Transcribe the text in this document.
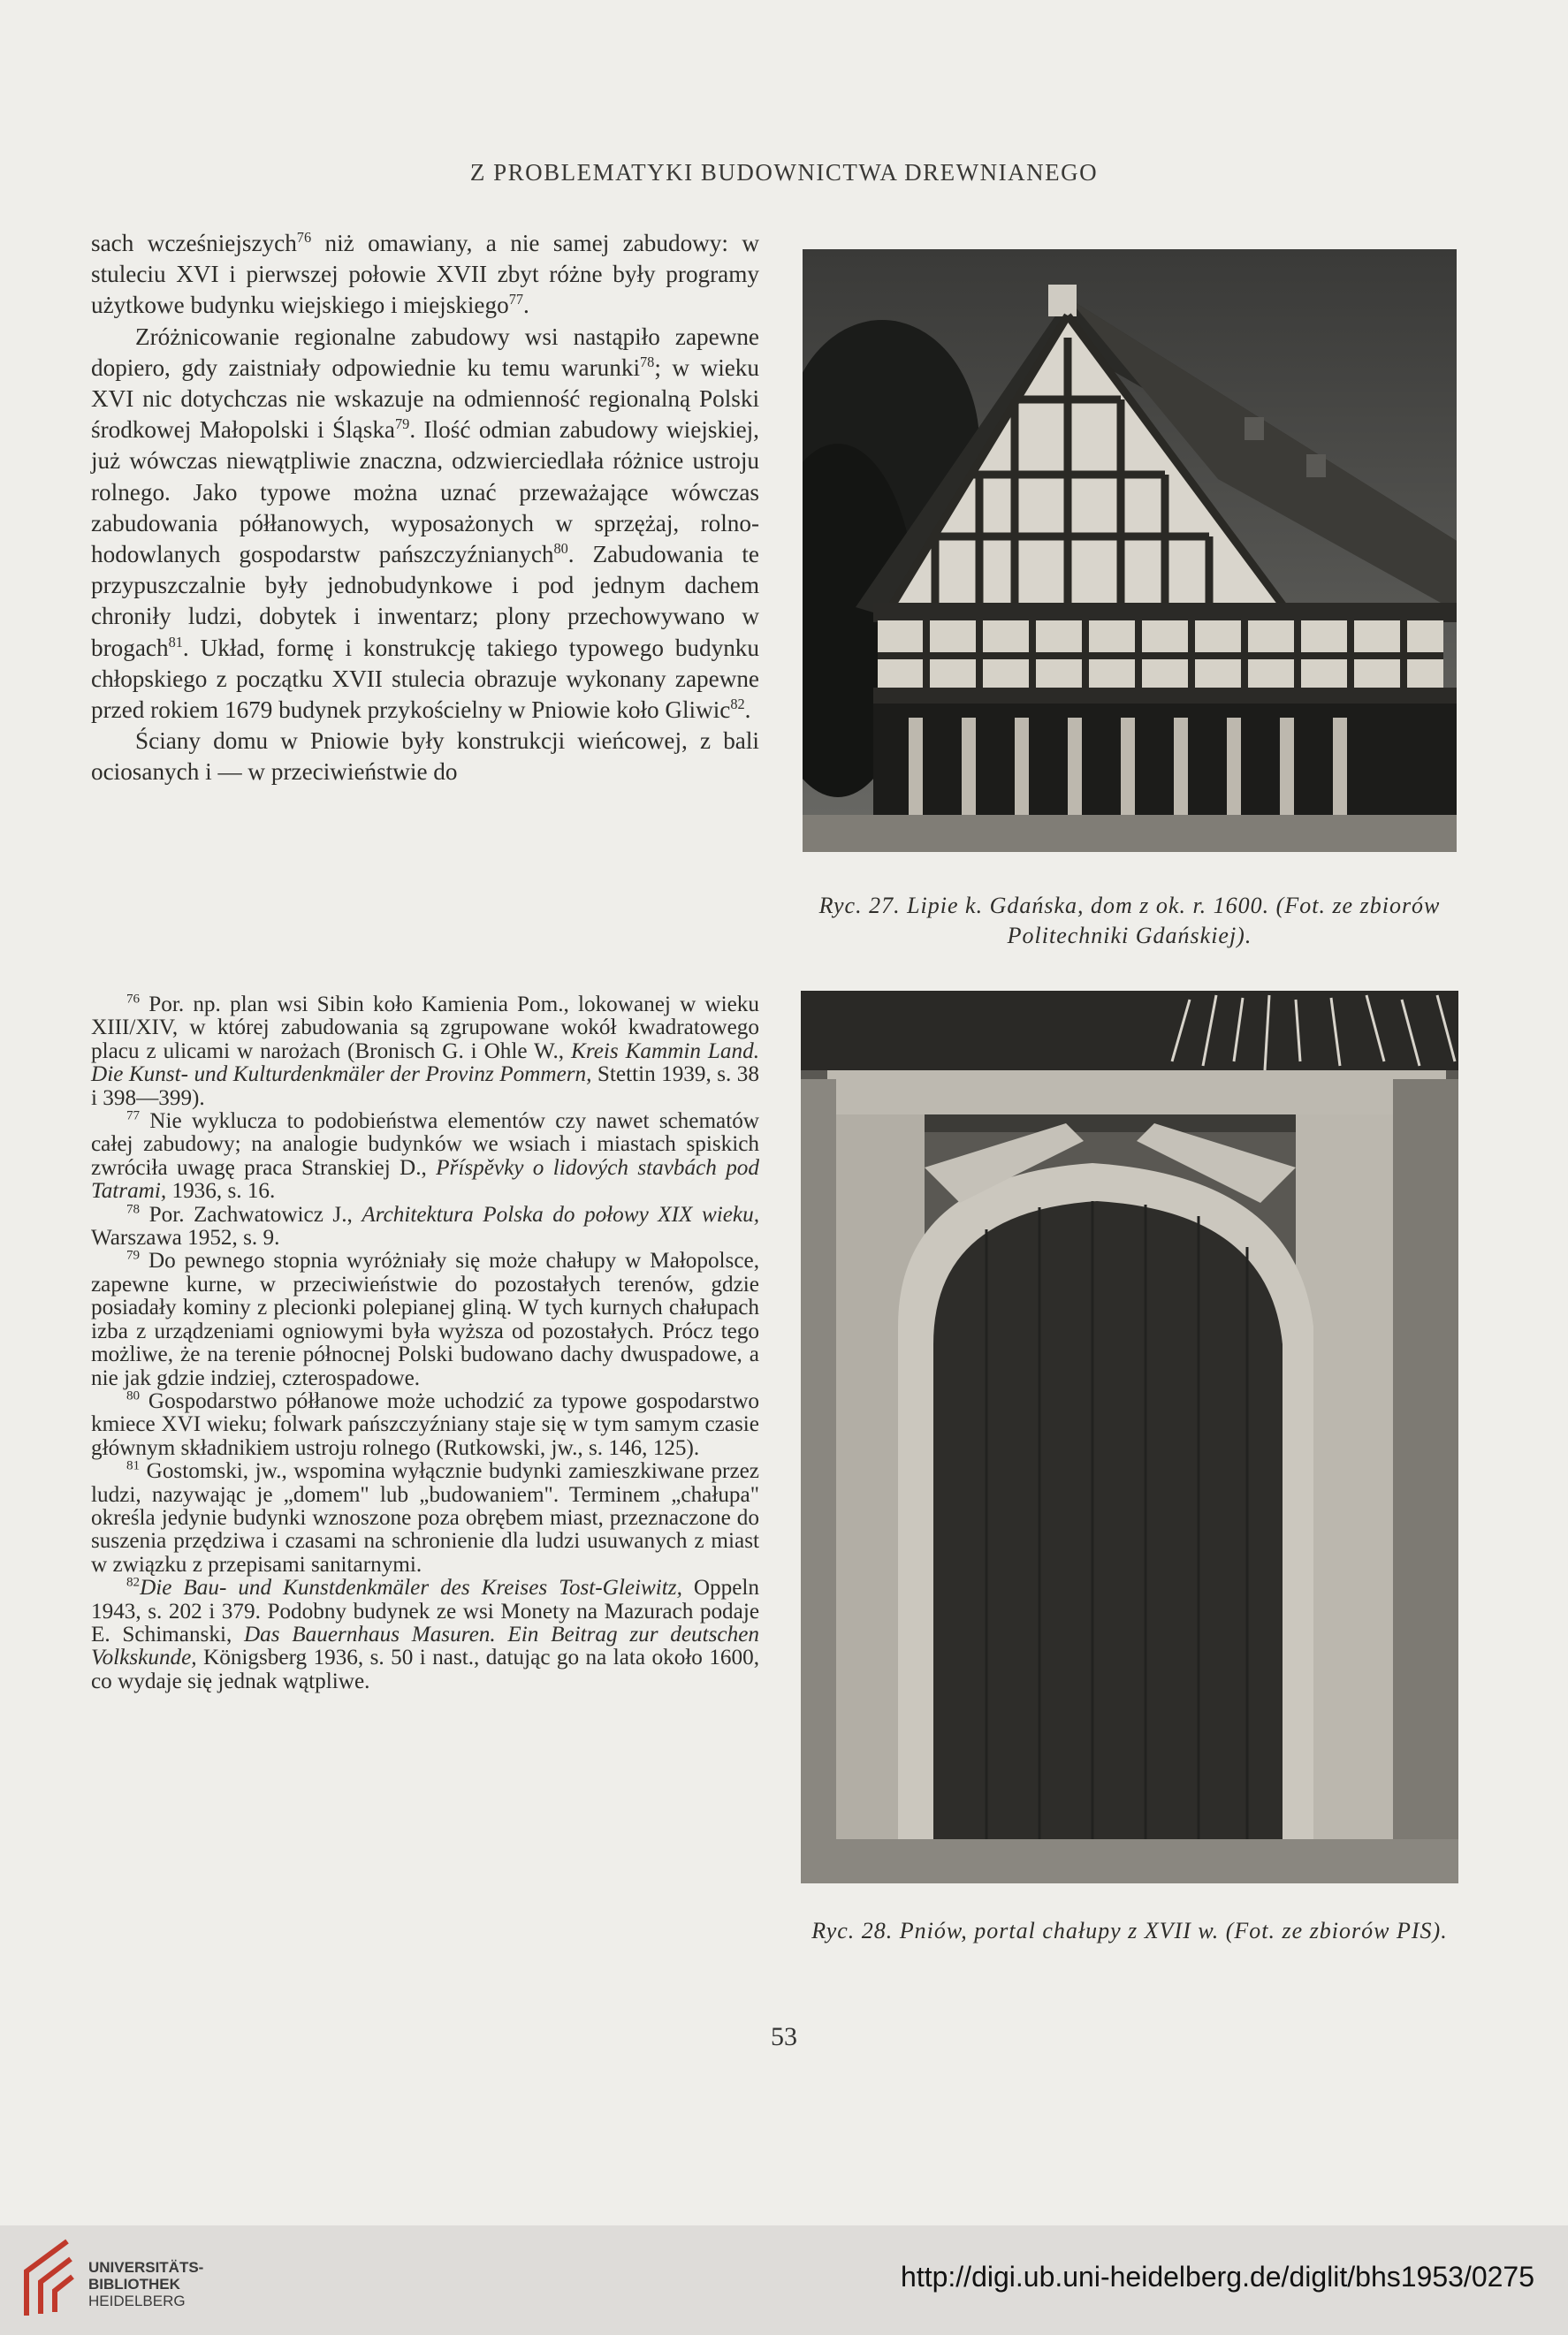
Z PROBLEMATYKI BUDOWNICTWA DREWNIANEGO

sach wcześniejszych$^{76}$ niż omawiany, a nie samej zabudowy: w stuleciu XVI i pierwszej połowie XVII zbyt różne były programy użytkowe budynku wiejskiego i miejskiego$^{77}$.

Zróżnicowanie regionalne zabudowy wsi nastąpiło zapewne dopiero, gdy zaistniały odpowiednie ku temu warunki$^{78}$; w wieku XVI nic dotychczas nie wskazuje na odmienność regionalną Polski środkowej Małopolski i Śląska$^{79}$. Ilość odmian zabudowy wiejskiej, już wówczas niewątpliwie znaczna, odzwierciedlała różnice ustroju rolnego. Jako typowe można uznać przeważające wówczas zabudowania półłanowych, wyposażonych w sprzężaj, rolno-hodowlanych gospodarstw pańszczyźnianych$^{80}$. Zabudowania te przypuszczalnie były jednobudynkowe i pod jednym dachem chroniły ludzi, dobytek i inwentarz; plony przechowywano w brogach$^{81}$. Układ, formę i konstrukcję takiego typowego budynku chłopskiego z początku XVII stulecia obrazuje wykonany zapewne przed rokiem 1679 budynek przykościelny w Pniowie koło Gliwic$^{82}$.

Ściany domu w Pniowie były konstrukcji wieńcowej, z bali ociosanych i — w przeciwieństwie do

$^{76}$ Por. np. plan wsi Sibin koło Kamienia Pom., lokowanej w wieku XIII/XIV, w której zabudowania są zgrupowane wokół kwadratowego placu z ulicami w narożach (Bronisch G. i Ohle W., Kreis Kammin Land. Die Kunst- und Kulturdenkmäler der Provinz Pommern, Stettin 1939, s. 38 i 398—399).

$^{77}$ Nie wyklucza to podobieństwa elementów czy nawet schematów całej zabudowy; na analogie budynków we wsiach i miastach spiskich zwróciła uwagę praca Stranskiej D., Příspěvky o lidových stavbách pod Tatrami, 1936, s. 16.

$^{78}$ Por. Zachwatowicz J., Architektura Polska do połowy XIX wieku, Warszawa 1952, s. 9.

$^{79}$ Do pewnego stopnia wyróżniały się może chałupy w Małopolsce, zapewne kurne, w przeciwieństwie do pozostałych terenów, gdzie posiadały kominy z plecionki polepianej gliną. W tych kurnych chałupach izba z urządzeniami ogniowymi była wyższa od pozostałych. Prócz tego możliwe, że na terenie północnej Polski budowano dachy dwuspadowe, a nie jak gdzie indziej, czterospadowe.

$^{80}$ Gospodarstwo półłanowe może uchodzić za typowe gospodarstwo kmiece XVI wieku; folwark pańszczyźniany staje się w tym samym czasie głównym składnikiem ustroju rolnego (Rutkowski, jw., s. 146, 125).

$^{81}$ Gostomski, jw., wspomina wyłącznie budynki zamieszkiwane przez ludzi, nazywając je „domem" lub „budowaniem". Terminem „chałupa" określa jedynie budynki wznoszone poza obrębem miast, przeznaczone do suszenia przędziwa i czasami na schronienie dla ludzi usuwanych z miast w związku z przepisami sanitarnymi.

$^{82}$Die Bau- und Kunstdenkmäler des Kreises Tost-Gleiwitz, Oppeln 1943, s. 202 i 379. Podobny budynek ze wsi Monety na Mazurach podaje E. Schimanski, Das Bauernhaus Masuren. Ein Beitrag zur deutschen Volkskunde, Königsberg 1936, s. 50 i nast., datując go na lata około 1600, co wydaje się jednak wątpliwe.

Ryc. 27. Lipie k. Gdańska, dom z ok. r. 1600. (Fot. ze zbiorów Politechniki Gdańskiej).
Ryc. 28. Pniów, portal chałupy z XVII w. (Fot. ze zbiorów PIS).
53
UNIVERSITÄTS-
BIBLIOTHEK
HEIDELBERG
http://digi.ub.uni-heidelberg.de/diglit/bhs1953/0275
